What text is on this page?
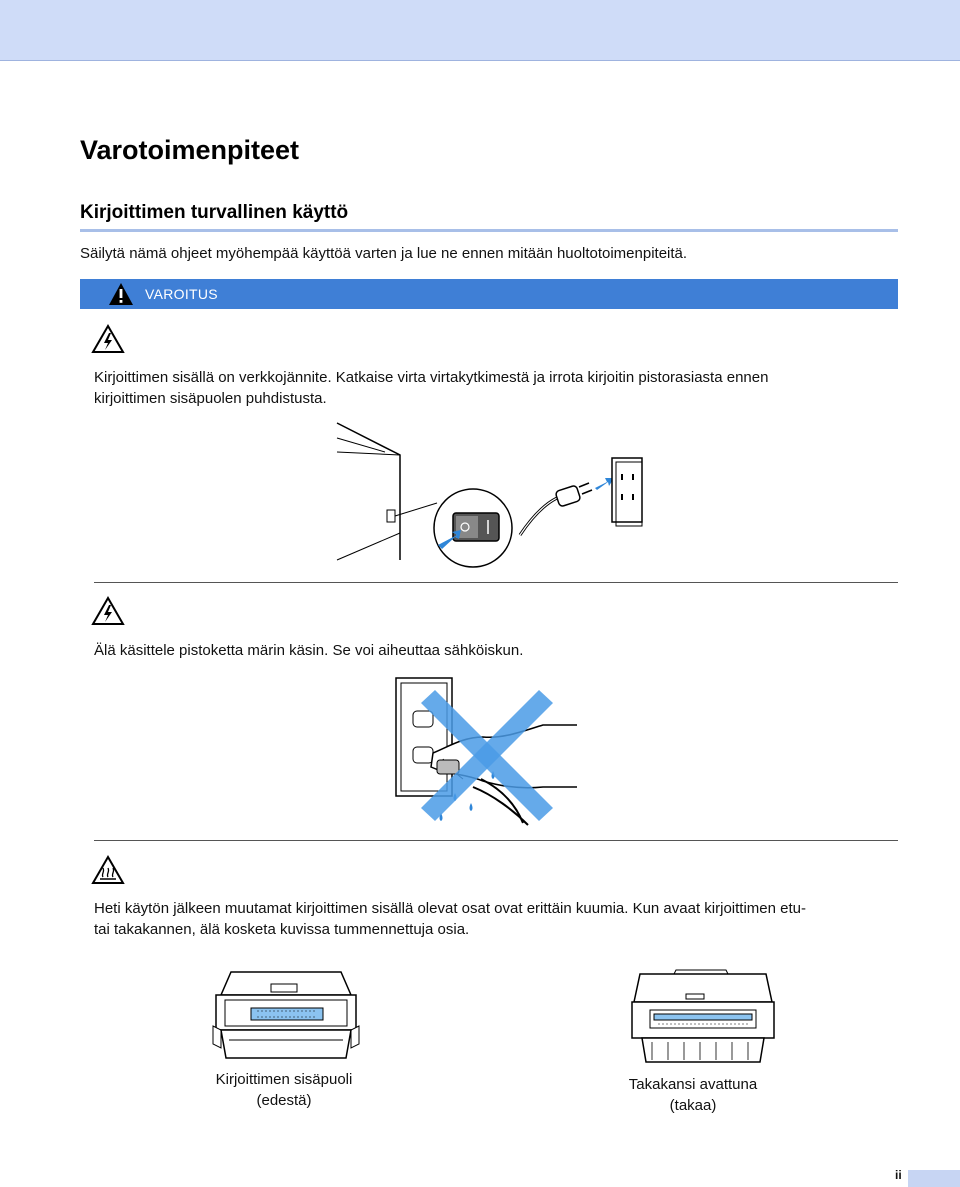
Varotoimenpiteet
Kirjoittimen turvallinen käyttö
Säilytä nämä ohjeet myöhempää käyttöä varten ja lue ne ennen mitään huoltotoimenpiteitä.
VAROITUS
Kirjoittimen sisällä on verkkojännite. Katkaise virta virtakytkimestä ja irrota kirjoitin pistorasiasta ennen
kirjoittimen sisäpuolen puhdistusta.
Älä käsittele pistoketta märin käsin. Se voi aiheuttaa sähköiskun.
Heti käytön jälkeen muutamat kirjoittimen sisällä olevat osat ovat erittäin kuumia. Kun avaat kirjoittimen etu-
tai takakannen, älä kosketa kuvissa tummennettuja osia.
Kirjoittimen sisäpuoli
(edestä)
Takakansi avattuna
(takaa)
ii
